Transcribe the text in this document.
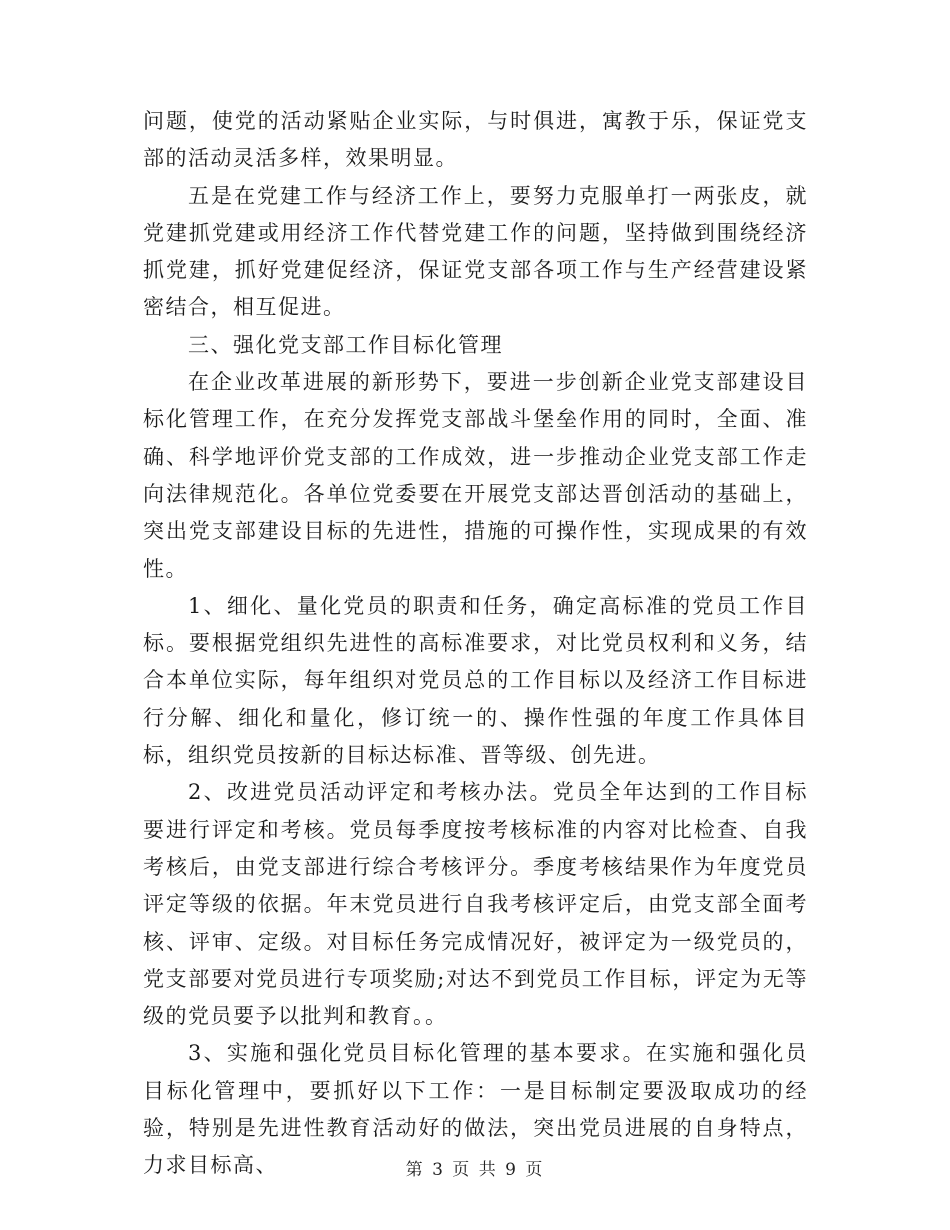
问题，使党的活动紧贴企业实际，与时俱进，寓教于乐，保证党支部的活动灵活多样，效果明显。

五是在党建工作与经济工作上，要努力克服单打一两张皮，就党建抓党建或用经济工作代替党建工作的问题，坚持做到围绕经济抓党建，抓好党建促经济，保证党支部各项工作与生产经营建设紧密结合，相互促进。

三、强化党支部工作目标化管理

在企业改革进展的新形势下，要进一步创新企业党支部建设目标化管理工作，在充分发挥党支部战斗堡垒作用的同时，全面、准确、科学地评价党支部的工作成效，进一步推动企业党支部工作走向法律规范化。各单位党委要在开展党支部达晋创活动的基础上，突出党支部建设目标的先进性，措施的可操作性，实现成果的有效性。

1、细化、量化党员的职责和任务，确定高标准的党员工作目标。要根据党组织先进性的高标准要求，对比党员权利和义务，结合本单位实际，每年组织对党员总的工作目标以及经济工作目标进行分解、细化和量化，修订统一的、操作性强的年度工作具体目标，组织党员按新的目标达标准、晋等级、创先进。

2、改进党员活动评定和考核办法。党员全年达到的工作目标要进行评定和考核。党员每季度按考核标准的内容对比检查、自我考核后，由党支部进行综合考核评分。季度考核结果作为年度党员评定等级的依据。年末党员进行自我考核评定后，由党支部全面考核、评审、定级。对目标任务完成情况好，被评定为一级党员的，党支部要对党员进行专项奖励;对达不到党员工作目标，评定为无等级的党员要予以批判和教育。。

3、实施和强化党员目标化管理的基本要求。在实施和强化员目标化管理中，要抓好以下工作：一是目标制定要汲取成功的经验，特别是先进性教育活动好的做法，突出党员进展的自身特点，力求目标高、	第 3 页 共 9 页
